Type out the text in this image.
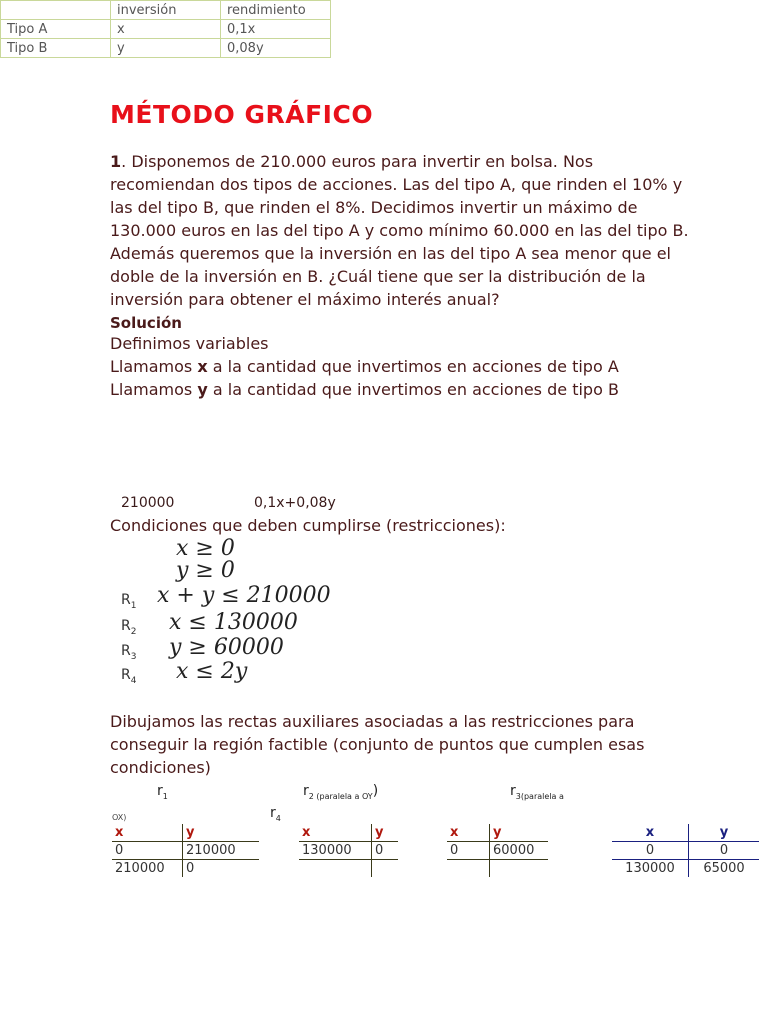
MÉTODO GRÁFICO
1. Disponemos de 210.000 euros para invertir en bolsa. Nos recomiendan dos tipos de acciones. Las del tipo A, que rinden el 10% y las del tipo B, que rinden el 8%. Decidimos invertir un máximo de 130.000 euros en las del tipo A y como mínimo 60.000 en las del tipo B. Además queremos que la inversión en las del tipo A sea menor que el doble de la inversión en B. ¿Cuál tiene que ser la distribución de la inversión para obtener el máximo interés anual?
Solución
Definimos variables
Llamamos x a la cantidad que invertimos en acciones de tipo A
Llamamos y a la cantidad que invertimos en acciones de tipo B
	inversión	rendimiento
Tipo A	x	0,1x
Tipo B	y	0,08y
210000	0,1x+0,08y
Condiciones que deben cumplirse (restricciones):
x ≥ 0
y ≥ 0
$R_1$ x + y ≤ 210000
$R_2$ x ≤ 130000
$R_3$ y ≥ 60000
$R_4$ x ≤ 2y
Dibujamos las rectas auxiliares asociadas a las restricciones para conseguir la región factible (conjunto de puntos que cumplen esas condiciones)
$r_1$	$r_{2 (paralela a OY}$)	$r_{3(paralela a}$
OX)	$r_4$
x	y
0	210000
210000	0
x	y
130000	0

x	y
0	60000

x	y
0	0
130000	65000
